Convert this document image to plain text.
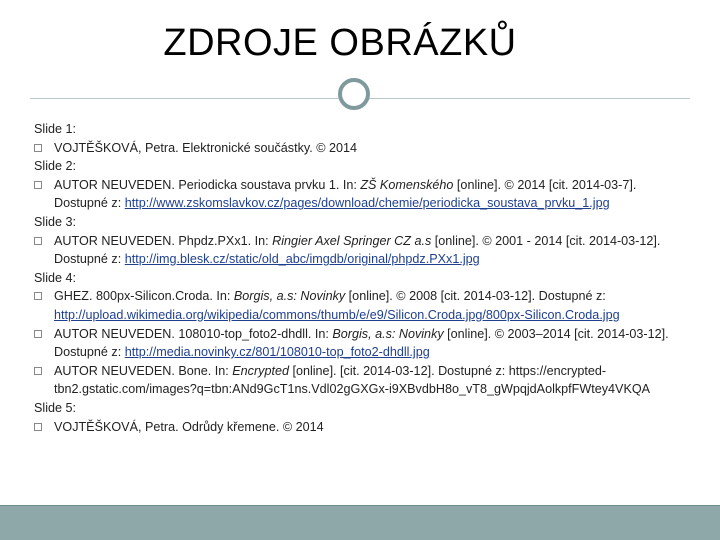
ZDROJE OBRÁZKŮ

Slide 1:

VOJTĚŠKOVÁ, Petra. Elektronické součástky. © 2014

Slide 2:

AUTOR NEUVEDEN. Periodicka soustava prvku 1. In: ZŠ Komenského [online]. © 2014 [cit. 2014-03-7]. Dostupné z: http://www.zskomslavkov.cz/pages/download/chemie/periodicka_soustava_prvku_1.jpg

Slide 3:

AUTOR NEUVEDEN. Phpdz.PXx1. In: Ringier Axel Springer CZ a.s [online]. © 2001 - 2014 [cit. 2014-03-12]. Dostupné z: http://img.blesk.cz/static/old_abc/imgdb/original/phpdz.PXx1.jpg

Slide 4:

GHEZ. 800px-Silicon.Croda. In: Borgis, a.s: Novinky [online]. © 2008 [cit. 2014-03-12]. Dostupné z: http://upload.wikimedia.org/wikipedia/commons/thumb/e/e9/Silicon.Croda.jpg/800px-Silicon.Croda.jpg

AUTOR NEUVEDEN. 108010-top_foto2-dhdll. In: Borgis, a.s: Novinky [online]. © 2003–2014 [cit. 2014-03-12]. Dostupné z: http://media.novinky.cz/801/108010-top_foto2-dhdll.jpg

AUTOR NEUVEDEN. Bone. In: Encrypted [online]. [cit. 2014-03-12]. Dostupné z: https://encrypted-tbn2.gstatic.com/images?q=tbn:ANd9GcT1ns.Vdl02gGXGx-i9XBvdbH8o_vT8_gWpqjdAolkpfFWtey4VKQA

Slide 5:

VOJTĚŠKOVÁ, Petra. Odrůdy křemene. © 2014
